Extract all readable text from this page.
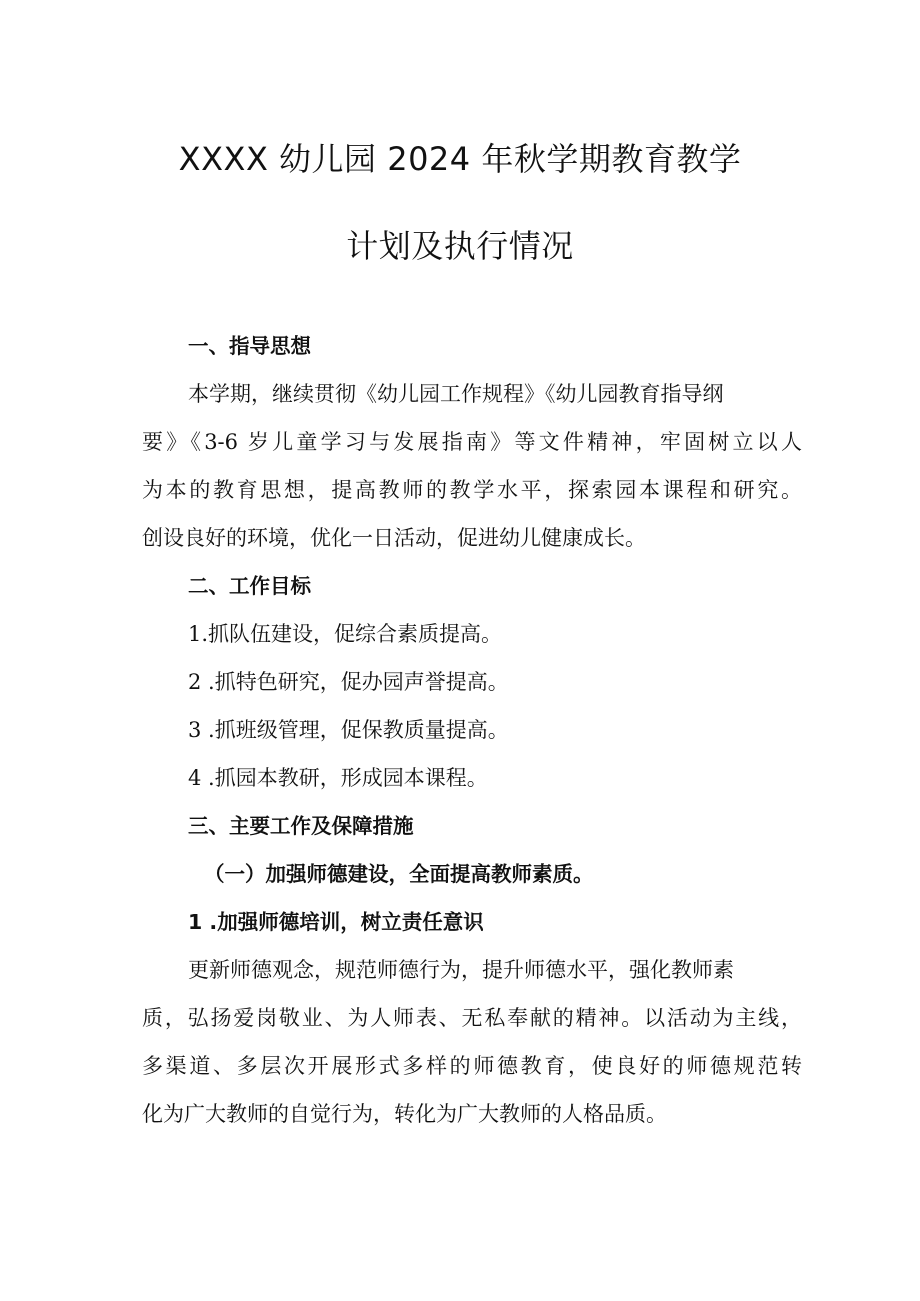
XXXX 幼儿园 2024 年秋学期教育教学
计划及执行情况
一、指导思想
本学期，继续贯彻《幼儿园工作规程》《幼儿园教育指导纲
要》《3-6 岁儿童学习与发展指南》等文件精神，牢固树立以人
为本的教育思想，提高教师的教学水平，探索园本课程和研究。
创设良好的环境，优化一日活动，促进幼儿健康成长。
二、工作目标
1.抓队伍建设，促综合素质提高。
2 .抓特色研究，促办园声誉提高。
3 .抓班级管理，促保教质量提高。
4 .抓园本教研，形成园本课程。
三、主要工作及保障措施
（一）加强师德建设，全面提高教师素质。
1 .加强师德培训，树立责任意识
更新师德观念，规范师德行为，提升师德水平，强化教师素
质，弘扬爱岗敬业、为人师表、无私奉献的精神。以活动为主线，
多渠道、多层次开展形式多样的师德教育，使良好的师德规范转
化为广大教师的自觉行为，转化为广大教师的人格品质。
